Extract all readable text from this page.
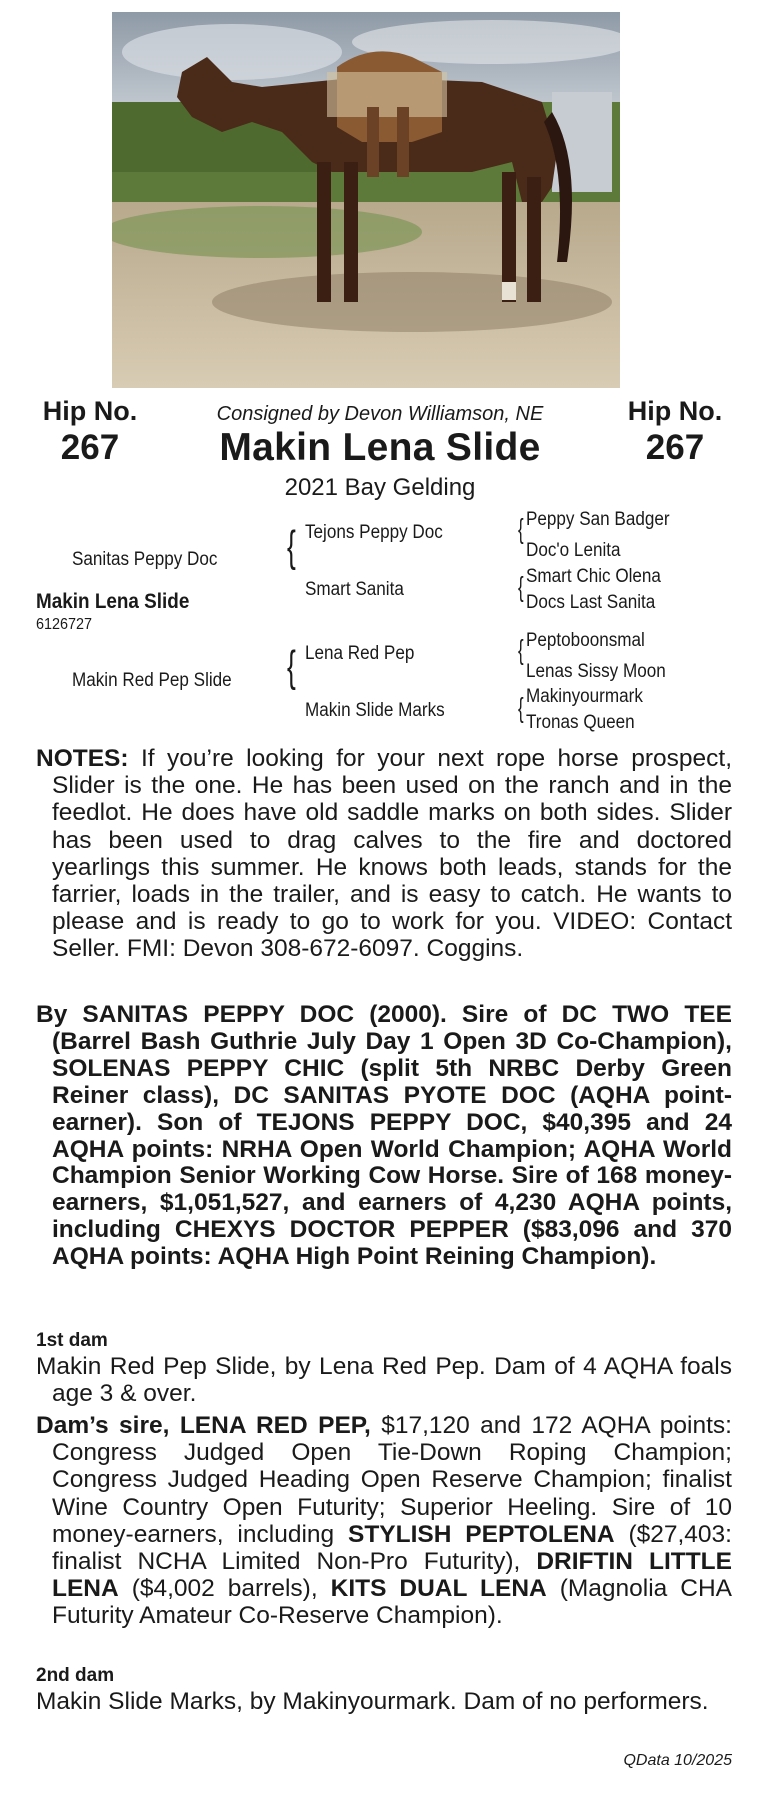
Hip No.
267
Hip No.
267
Consigned by Devon Williamson, NE
Makin Lena Slide
2021 Bay Gelding
Sanitas Peppy Doc { Tejons Peppy Doc
Smart Sanita
{ Peppy San Badger
Doc'o Lenita
{ Smart Chic Olena
Docs Last Sanita
Makin Lena Slide
6126727
Makin Red Pep Slide { Lena Red Pep
Makin Slide Marks
{ Peptoboonsmal
Lenas Sissy Moon
{ Makinyourmark
Tronas Queen
NOTES: If you’re looking for your next rope horse prospect, Slider is the one. He has been used on the ranch and in the feedlot. He does have old saddle marks on both sides. Slider has been used to drag calves to the fire and doctored yearlings this summer. He knows both leads, stands for the farrier, loads in the trailer, and is easy to catch. He wants to please and is ready to go to work for you. VIDEO: Contact Seller. FMI: Devon 308-672-6097. Coggins.
By SANITAS PEPPY DOC (2000). Sire of DC TWO TEE (Barrel Bash Guthrie July Day 1 Open 3D Co-Champion), SOLENAS PEPPY CHIC (split 5th NRBC Derby Green Reiner class), DC SANITAS PYOTE DOC (AQHA point-earner). Son of TEJONS PEPPY DOC, $40,395 and 24 AQHA points: NRHA Open World Champion; AQHA World Champion Senior Working Cow Horse. Sire of 168 money-earners, $1,051,527, and earners of 4,230 AQHA points, including CHEXYS DOCTOR PEPPER ($83,096 and 370 AQHA points: AQHA High Point Reining Champion).
1st dam
Makin Red Pep Slide, by Lena Red Pep. Dam of 4 AQHA foals age 3 & over.
Dam’s sire, LENA RED PEP, $17,120 and 172 AQHA points: Congress Judged Open Tie-Down Roping Champion; Congress Judged Heading Open Reserve Champion; finalist Wine Country Open Futurity; Superior Heeling. Sire of 10 money-earners, including STYLISH PEPTOLENA ($27,403: finalist NCHA Limited Non-Pro Futurity), DRIFTIN LITTLE LENA ($4,002 barrels), KITS DUAL LENA (Magnolia CHA Futurity Amateur Co-Reserve Champion).
2nd dam
Makin Slide Marks, by Makinyourmark. Dam of no performers.
QData 10/2025
